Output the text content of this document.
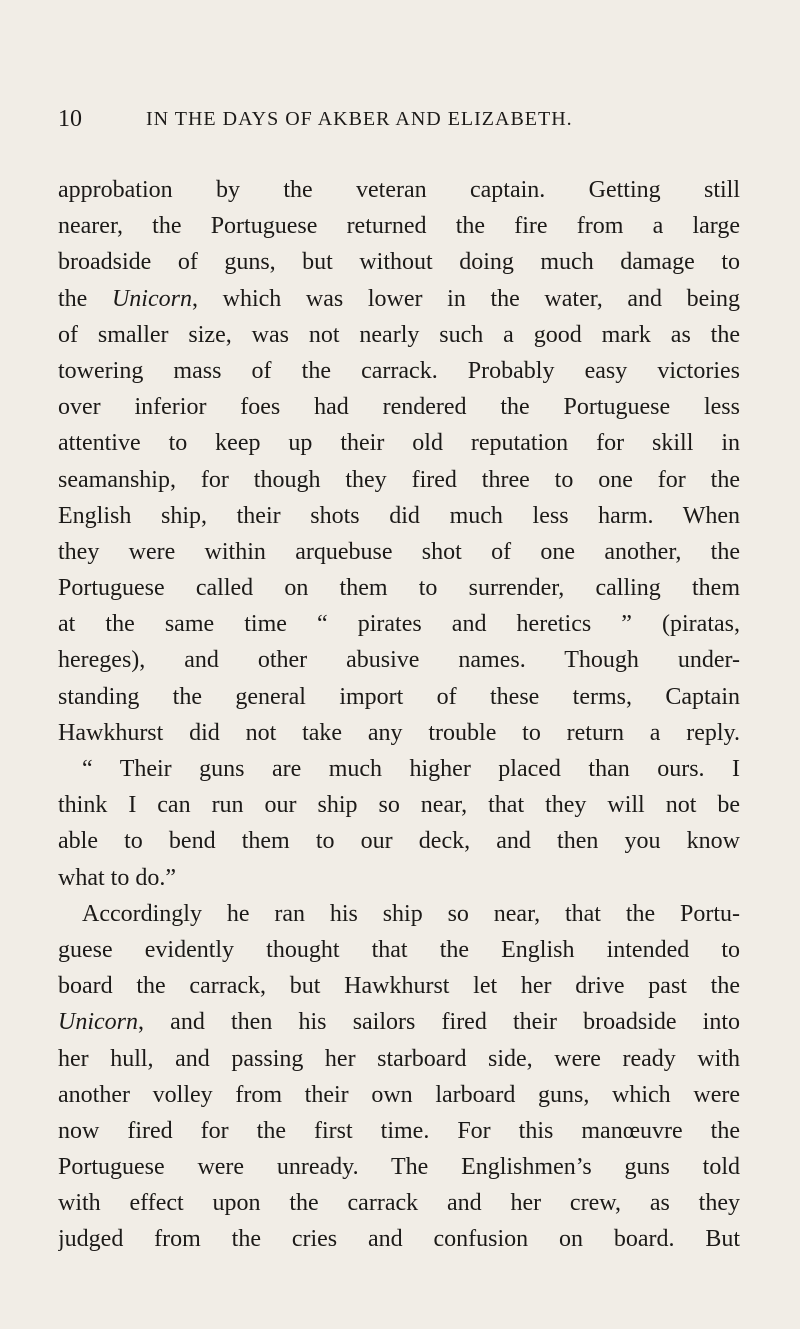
10	IN THE DAYS OF AKBER AND ELIZABETH.
approbation by the veteran captain. Getting still
nearer, the Portuguese returned the fire from a large
broadside of guns, but without doing much damage to
the Unicorn, which was lower in the water, and being
of smaller size, was not nearly such a good mark as the
towering mass of the carrack. Probably easy victories
over inferior foes had rendered the Portuguese less
attentive to keep up their old reputation for skill in
seamanship, for though they fired three to one for the
English ship, their shots did much less harm. When
they were within arquebuse shot of one another, the
Portuguese called on them to surrender, calling them
at the same time “ pirates and heretics ” (piratas,
hereges), and other abusive names. Though under-
standing the general import of these terms, Captain
Hawkhurst did not take any trouble to return a reply.
“ Their guns are much higher placed than ours. I
think I can run our ship so near, that they will not be
able to bend them to our deck, and then you know
what to do.”
Accordingly he ran his ship so near, that the Portu-
guese evidently thought that the English intended to
board the carrack, but Hawkhurst let her drive past the
Unicorn, and then his sailors fired their broadside into
her hull, and passing her starboard side, were ready with
another volley from their own larboard guns, which were
now fired for the first time. For this manœuvre the
Portuguese were unready. The Englishmen’s guns told
with effect upon the carrack and her crew, as they
judged from the cries and confusion on board. But
